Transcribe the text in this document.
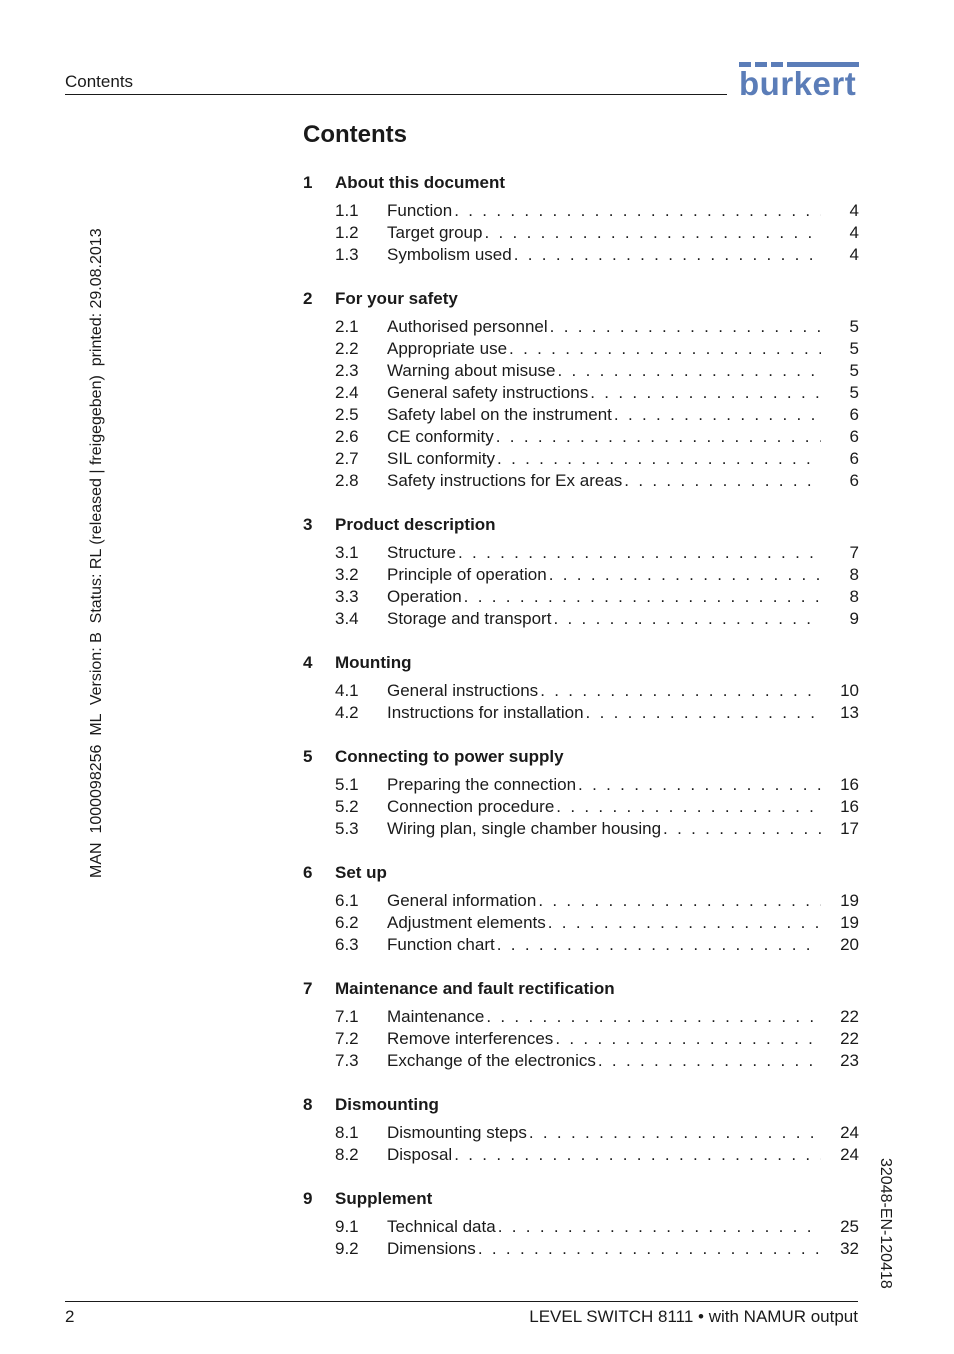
Contents	burkert
MAN  1000098256  ML  Version: B  Status: RL (released | freigegeben)  printed: 29.08.2013
32048-EN-120418
Contents
1	About this document
1.1	Function . . .	4
1.2	Target group . . .	4
1.3	Symbolism used . . .	4
2	For your safety
2.1	Authorised personnel . . .	5
2.2	Appropriate use . . .	5
2.3	Warning about misuse . . .	5
2.4	General safety instructions . . .	5
2.5	Safety label on the instrument . . .	6
2.6	CE conformity . . .	6
2.7	SIL conformity . . .	6
2.8	Safety instructions for Ex areas . . .	6
3	Product description
3.1	Structure . . .	7
3.2	Principle of operation . . .	8
3.3	Operation . . .	8
3.4	Storage and transport . . .	9
4	Mounting
4.1	General instructions . . .	10
4.2	Instructions for installation . . .	13
5	Connecting to power supply
5.1	Preparing the connection . . .	16
5.2	Connection procedure . . .	16
5.3	Wiring plan, single chamber housing . . .	17
6	Set up
6.1	General information . . .	19
6.2	Adjustment elements . . .	19
6.3	Function chart . . .	20
7	Maintenance and fault rectification
7.1	Maintenance . . .	22
7.2	Remove interferences . . .	22
7.3	Exchange of the electronics . . .	23
8	Dismounting
8.1	Dismounting steps . . .	24
8.2	Disposal . . .	24
9	Supplement
9.1	Technical data . . .	25
9.2	Dimensions . . .	32
2	LEVEL SWITCH 8111 • with NAMUR output
